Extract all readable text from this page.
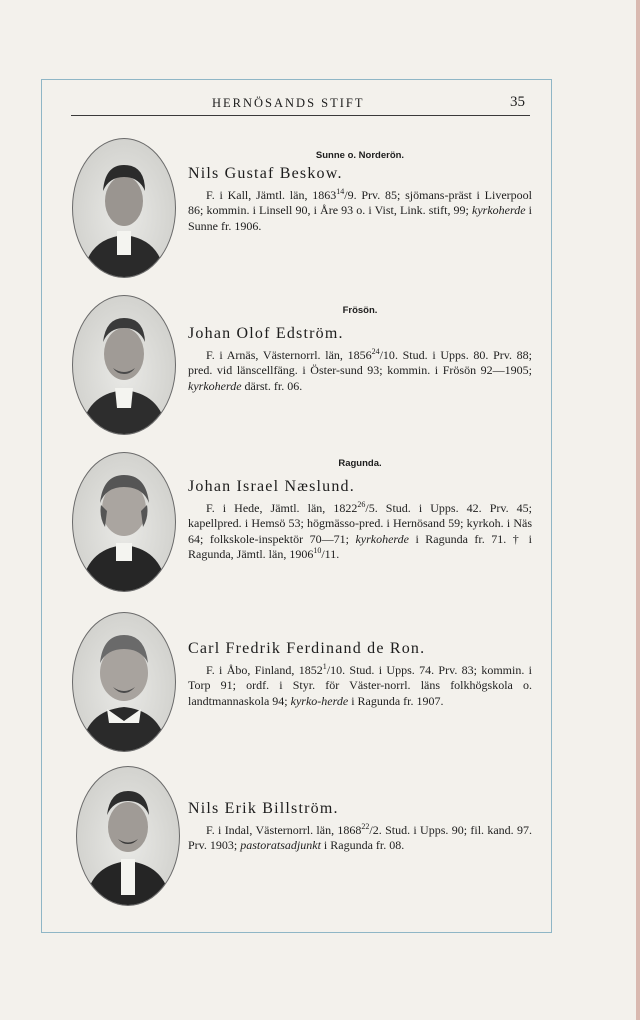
HERNÖSANDS STIFT	35
Sunne o. Norderön.
Nils Gustaf Beskow.
F. i Kall, Jämtl. län, 1863$^{14}$/9. Prv. 85; sjömans-präst i Liverpool 86; kommin. i Linsell 90, i Åre 93 o. i Vist, Link. stift, 99; kyrkoherde i Sunne fr. 1906.
Frösön.
Johan Olof Edström.
F. i Arnäs, Västernorrl. län, 1856$^{24}$/10. Stud. i Upps. 80. Prv. 88; pred. vid länscellfäng. i Öster-sund 93; kommin. i Frösön 92—1905; kyrkoherde därst. fr. 06.
Ragunda.
Johan Israel Næslund.
F. i Hede, Jämtl. län, 1822$^{26}$/5. Stud. i Upps. 42. Prv. 45; kapellpred. i Hemsö 53; högmässo-pred. i Hernösand 59; kyrkoh. i Näs 64; folkskole-inspektör 70—71; kyrkoherde i Ragunda fr. 71. † i Ragunda, Jämtl. län, 1906$^{10}$/11.
Carl Fredrik Ferdinand de Ron.
F. i Åbo, Finland, 1852$^1$/10. Stud. i Upps. 74. Prv. 83; kommin. i Torp 91; ordf. i Styr. för Väster-norrl. läns folkhögskola o. landtmannaskola 94; kyrko-herde i Ragunda fr. 1907.
Nils Erik Billström.
F. i Indal, Västernorrl. län, 1868$^{22}$/2. Stud. i Upps. 90; fil. kand. 97. Prv. 1903; pastoratsadjunkt i Ragunda fr. 08.
